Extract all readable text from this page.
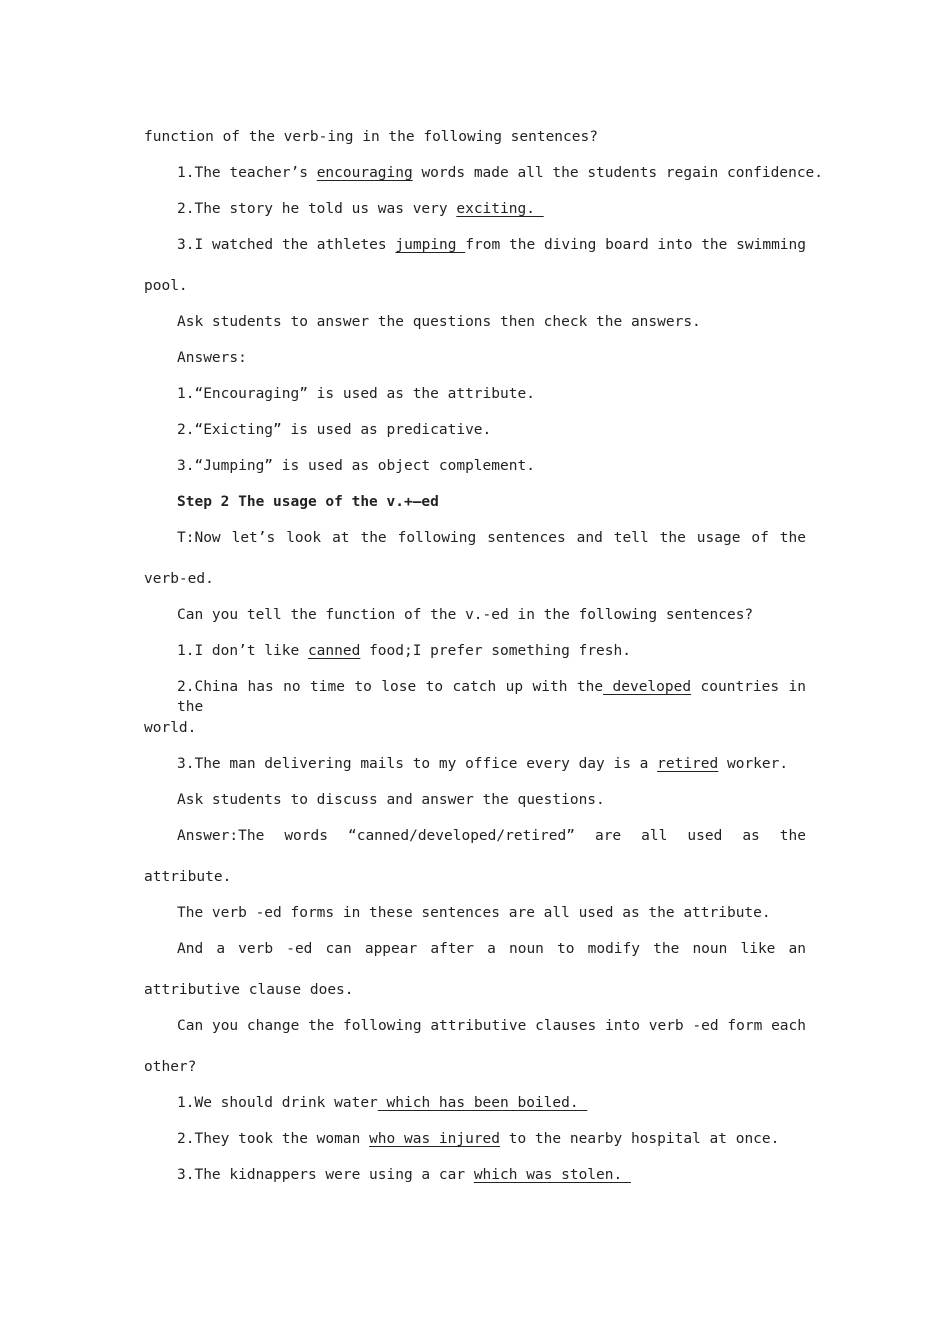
function of the verb-ing in the following sentences?
1.The teacher’s encouraging words made all the students regain confidence.
2.The story he told us was very exciting.
3.I watched the athletes jumping from the diving board into the swimming
pool.
Ask students to answer the questions then check the answers.
Answers:
1.“Encouraging” is used as the attribute.
2.“Exicting” is used as predicative.
3.“Jumping” is used as object complement.
Step 2 The usage of the v.+—ed
T:Now let’s look at the following sentences and tell the usage of the
verb-ed.
Can you tell the function of the v.-ed in the following sentences?
1.I don’t like canned food;I prefer something fresh.
2.China has no time to lose to catch up with the developed countries in the
world.
3.The man delivering mails to my office every day is a retired worker.
Ask students to discuss and answer the questions.
Answer:The words “canned/developed/retired” are all used as the
attribute.
The verb -ed forms in these sentences are all used as the attribute.
And a verb -ed can appear after a noun to modify the noun like an
attributive clause does.
Can you change the following attributive clauses into verb -ed form each
other?
1.We should drink water which has been boiled.
2.They took the woman who was injured to the nearby hospital at once.
3.The kidnappers were using a car which was stolen.
